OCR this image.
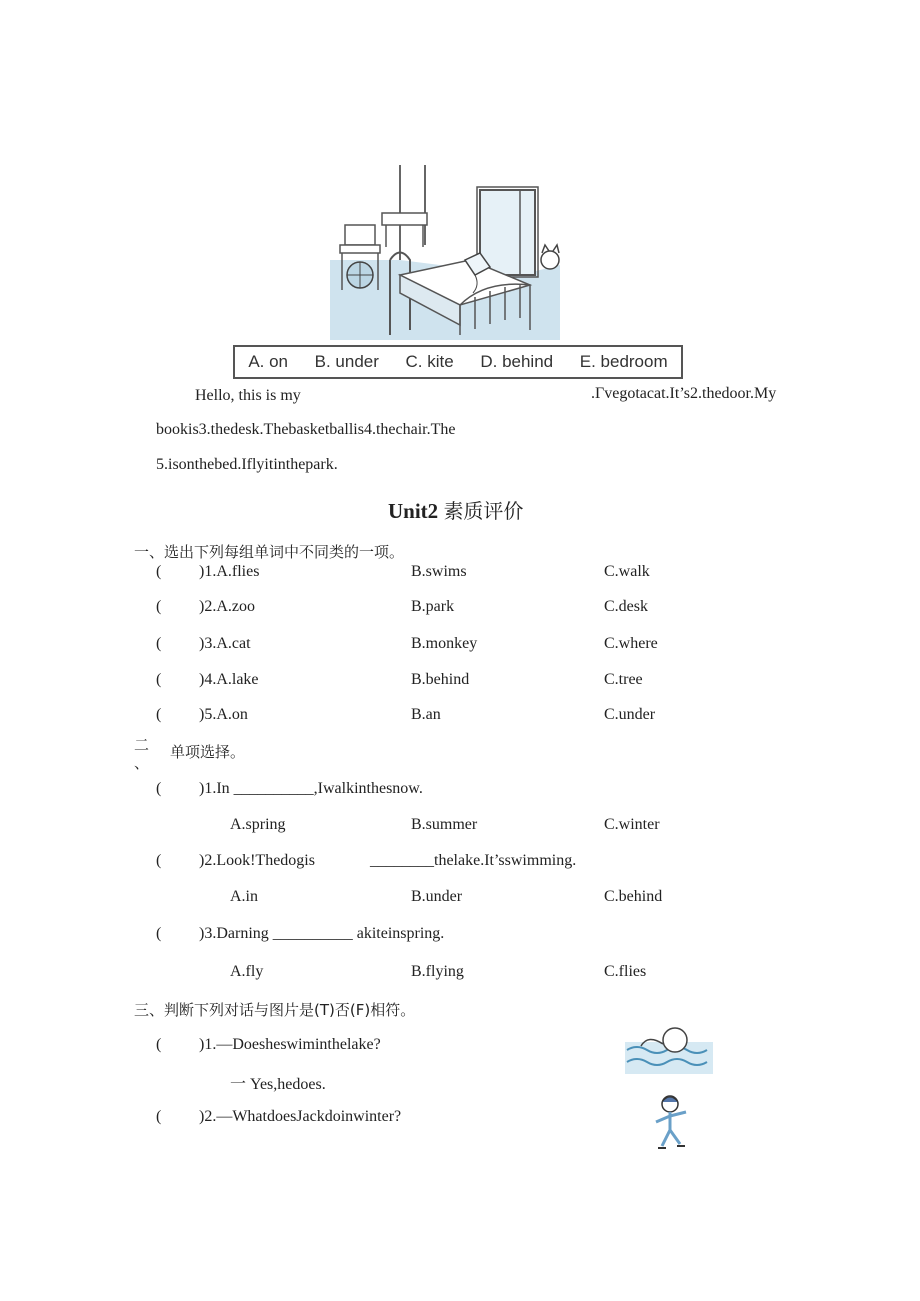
A. on B. under C. kite D. behind E. bedroom
Hello, this is my	.Γvegotacat.It’s2.thedoor.My
bookis3.thedesk.Thebasketballis4.thechair.The
5.isonthebed.Iflyitinthepark.
Unit2 素质评价
一、选出下列每组单词中不同类的一项。
( )1.A.flies	B.swims	C.walk
( )2.A.zoo	B.park	C.desk
( )3.A.cat	B.monkey	C.where
( )4.A.lake	B.behind	C.tree
( )5.A.on	B.an	C.under
二
、
单项选择。
( )1.In __________,Iwalkinthesnow.
A.spring	B.summer	C.winter
( )2.Look!Thedogis	________thelake.It’sswimming.
A.in	B.under	C.behind
( )3.Darning __________ akiteinspring.
A.fly	B.flying	C.flies
三、判断下列对话与图片是(T)否(F)相符。
( )1.—Doesheswiminthelake?
一 Yes,hedoes.
( )2.—WhatdoesJackdoinwinter?
